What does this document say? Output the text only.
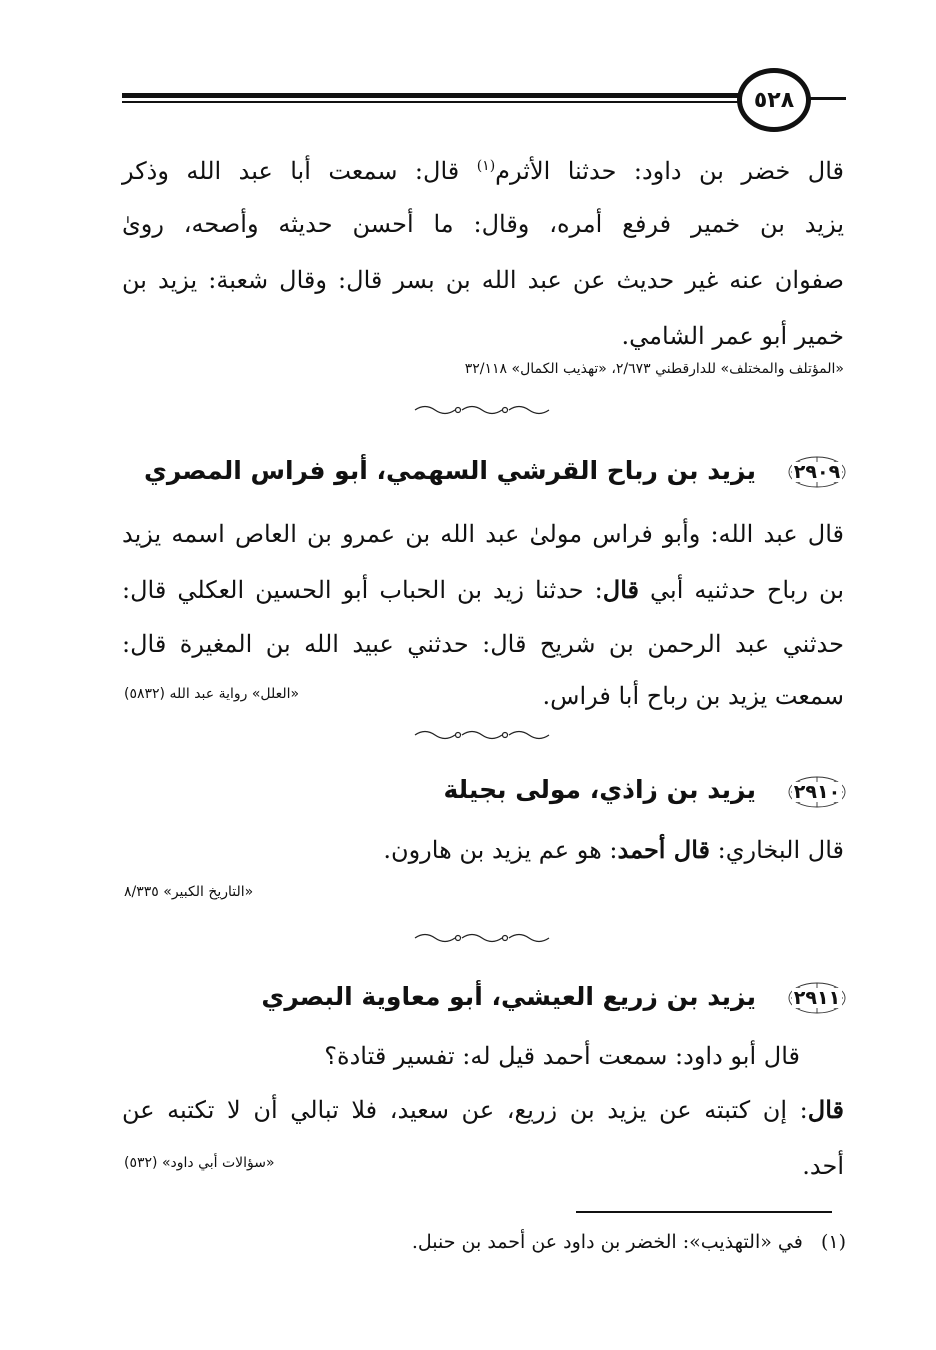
٥٢٨
قال خضر بن داود: حدثنا الأثرم$^{(١)}$ قال: سمعت أبا عبد الله وذكر
يزيد بن خمير فرفع أمره، وقال: ما أحسن حديثه وأصحه، روىٰ
صفوان عنه غير حديث عن عبد الله بن بسر قال: وقال شعبة: يزيد بن
خمير أبو عمر الشامي.
«المؤتلف والمختلف» للدارقطني ٢/٦٧٣، «تهذيب الكمال» ٣٢/١١٨
٢٩٠٩
يزيد بن رباح القرشي السهمي، أبو فراس المصري
قال عبد الله: وأبو فراس مولىٰ عبد الله بن عمرو بن العاص اسمه يزيد
بن رباح حدثنيه أبي قال: حدثنا زيد بن الحباب أبو الحسين العكلي قال:
حدثني عبد الرحمن بن شريح قال: حدثني عبيد الله بن المغيرة قال:
سمعت يزيد بن رباح أبا فراس.
«العلل» رواية عبد الله (٥٨٣٢)
٢٩١٠
يزيد بن زاذي، مولى بجيلة
قال البخاري: قال أحمد: هو عم يزيد بن هارون.
«التاريخ الكبير» ٨/٣٣٥
٢٩١١
يزيد بن زريع العيشي، أبو معاوية البصري
قال أبو داود: سمعت أحمد قيل له: تفسير قتادة؟
قال: إن كتبته عن يزيد بن زريع، عن سعيد، فلا تبالي أن لا تكتبه عن
أحد.
«سؤالات أبي داود» (٥٣٢)
(١)   في «التهذيب»: الخضر بن داود عن أحمد بن حنبل.
